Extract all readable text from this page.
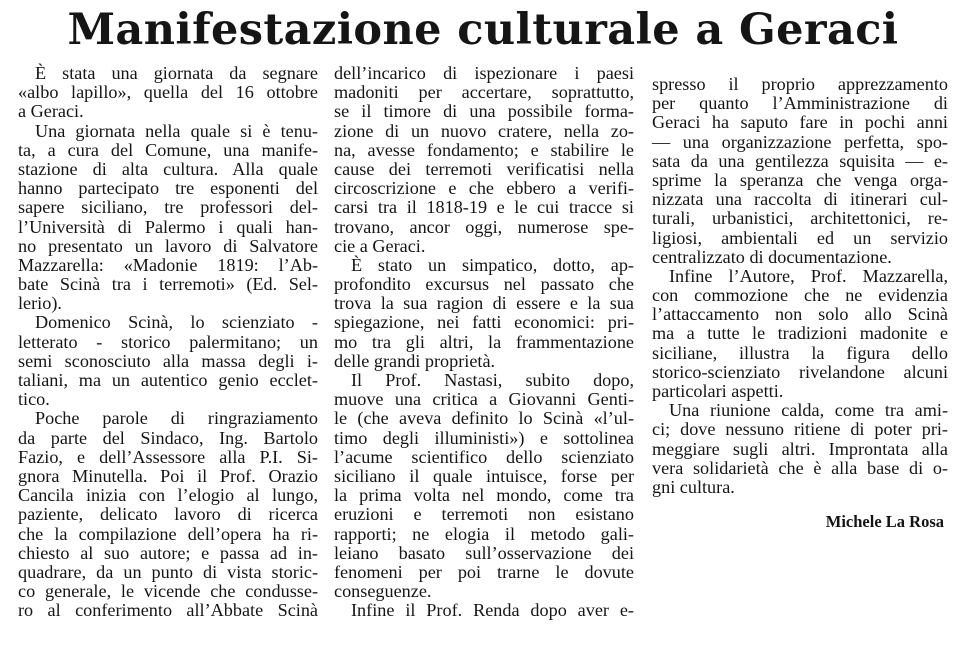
Manifestazione culturale a Geraci
È stata una giornata da segnare
«albo lapillo», quella del 16 ottobre
a Geraci.
Una giornata nella quale si è tenu-
ta, a cura del Comune, una manife-
stazione di alta cultura. Alla quale
hanno partecipato tre esponenti del
sapere siciliano, tre professori del-
l’Università di Palermo i quali han-
no presentato un lavoro di Salvatore
Mazzarella: «Madonie 1819: l’Ab-
bate Scinà tra i terremoti» (Ed. Sel-
lerio).
Domenico Scinà, lo scienziato -
letterato - storico palermitano; un
semi sconosciuto alla massa degli i-
taliani, ma un autentico genio ecclet-
tico.
Poche parole di ringraziamento
da parte del Sindaco, Ing. Bartolo
Fazio, e dell’Assessore alla P.I. Si-
gnora Minutella. Poi il Prof. Orazio
Cancila inizia con l’elogio al lungo,
paziente, delicato lavoro di ricerca
che la compilazione dell’opera ha ri-
chiesto al suo autore; e passa ad in-
quadrare, da un punto di vista storic-
co generale, le vicende che condusse-
ro al conferimento all’Abbate Scinà
dell’incarico di ispezionare i paesi
madoniti per accertare, soprattutto,
se il timore di una possibile forma-
zione di un nuovo cratere, nella zo-
na, avesse fondamento; e stabilire le
cause dei terremoti verificatisi nella
circoscrizione e che ebbero a verifi-
carsi tra il 1818-19 e le cui tracce si
trovano, ancor oggi, numerose spe-
cie a Geraci.
È stato un simpatico, dotto, ap-
profondito excursus nel passato che
trova la sua ragion di essere e la sua
spiegazione, nei fatti economici: pri-
mo tra gli altri, la frammentazione
delle grandi proprietà.
Il Prof. Nastasi, subito dopo,
muove una critica a Giovanni Genti-
le (che aveva definito lo Scinà «l’ul-
timo degli illuministi») e sottolinea
l’acume scientifico dello scienziato
siciliano il quale intuisce, forse per
la prima volta nel mondo, come tra
eruzioni e terremoti non esistano
rapporti; ne elogia il metodo gali-
leiano basato sull’osservazione dei
fenomeni per poi trarne le dovute
conseguenze.
Infine il Prof. Renda dopo aver e-
spresso il proprio apprezzamento
per quanto l’Amministrazione di
Geraci ha saputo fare in pochi anni
— una organizzazione perfetta, spo-
sata da una gentilezza squisita — e-
sprime la speranza che venga orga-
nizzata una raccolta di itinerari cul-
turali, urbanistici, architettonici, re-
ligiosi, ambientali ed un servizio
centralizzato di documentazione.
Infine l’Autore, Prof. Mazzarella,
con commozione che ne evidenzia
l’attaccamento non solo allo Scinà
ma a tutte le tradizioni madonite e
siciliane, illustra la figura dello
storico-scienziato rivelandone alcuni
particolari aspetti.
Una riunione calda, come tra ami-
ci; dove nessuno ritiene di poter pri-
meggiare sugli altri. Improntata alla
vera solidarietà che è alla base di o-
gni cultura.
Michele La Rosa
